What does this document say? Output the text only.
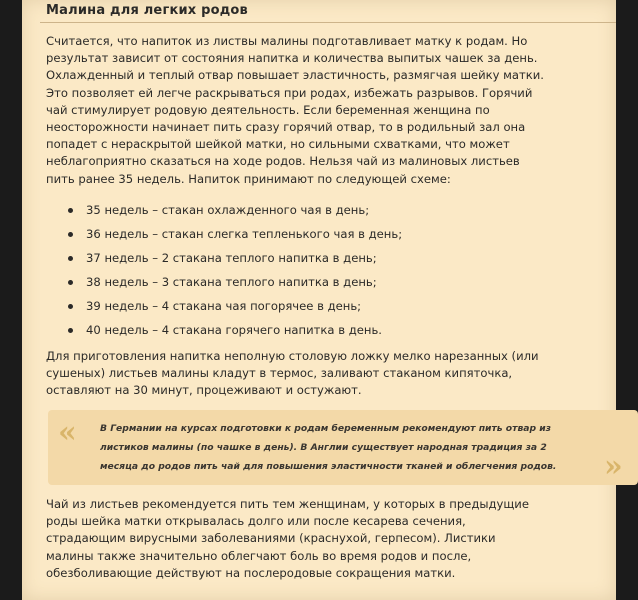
Малина для легких родов
Считается, что напиток из листвы малины подготавливает матку к родам. Но
результат зависит от состояния напитка и количества выпитых чашек за день.
Охлажденный и теплый отвар повышает эластичность, размягчая шейку матки.
Это позволяет ей легче раскрываться при родах, избежать разрывов. Горячий
чай стимулирует родовую деятельность. Если беременная женщина по
неосторожности начинает пить сразу горячий отвар, то в родильный зал она
попадет с нераскрытой шейкой матки, но сильными схватками, что может
неблагоприятно сказаться на ходе родов. Нельзя чай из малиновых листьев
пить ранее 35 недель. Напиток принимают по следующей схеме:
35 недель – стакан охлажденного чая в день;
36 недель – стакан слегка тепленького чая в день;
37 недель – 2 стакана теплого напитка в день;
38 недель – 3 стакана теплого напитка в день;
39 недель – 4 стакана чая погорячее в день;
40 недель – 4 стакана горячего напитка в день.
Для приготовления напитка неполную столовую ложку мелко нарезанных (или
сушеных) листьев малины кладут в термос, заливают стаканом кипяточка,
оставляют на 30 минут, процеживают и остужают.
«	В Германии на курсах подготовки к родам беременным рекомендуют пить отвар из
листиков малины (по чашке в день). В Англии существует народная традиция за 2
месяца до родов пить чай для повышения эластичности тканей и облегчения родов.	»
Чай из листьев рекомендуется пить тем женщинам, у которых в предыдущие
роды шейка матки открывалась долго или после кесарева сечения,
страдающим вирусными заболеваниями (краснухой, герпесом). Листики
малины также значительно облегчают боль во время родов и после,
обезболивающие действуют на послеродовые сокращения матки.
